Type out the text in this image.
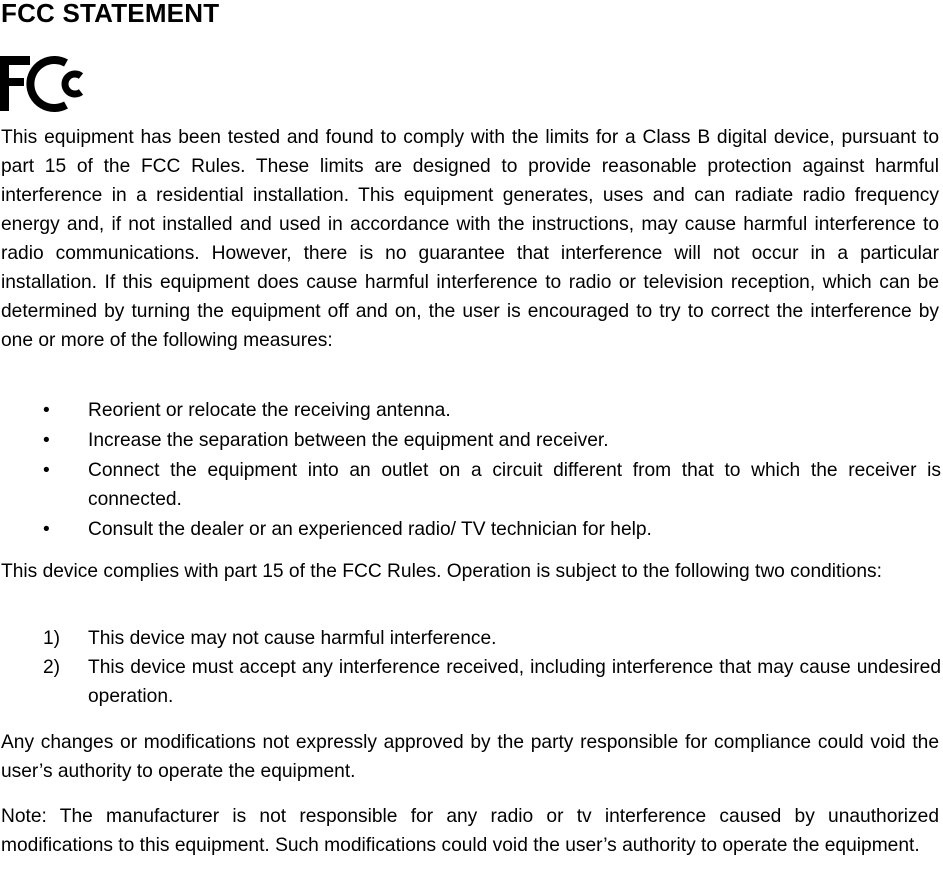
FCC STATEMENT
This equipment has been tested and found to comply with the limits for a Class B digital device, pursuant to part 15 of the FCC Rules. These limits are designed to provide reasonable protection against harmful interference in a residential installation. This equipment generates, uses and can radiate radio frequency energy and, if not installed and used in accordance with the instructions, may cause harmful interference to radio communications. However, there is no guarantee that interference will not occur in a particular installation. If this equipment does cause harmful interference to radio or television reception, which can be determined by turning the equipment off and on, the user is encouraged to try to correct the interference by one or more of the following measures:
• Reorient or relocate the receiving antenna.
• Increase the separation between the equipment and receiver.
• Connect the equipment into an outlet on a circuit different from that to which the receiver is connected.
• Consult the dealer or an experienced radio/ TV technician for help.
This device complies with part 15 of the FCC Rules. Operation is subject to the following two conditions:
1) This device may not cause harmful interference.
2) This device must accept any interference received, including interference that may cause undesired operation.
Any changes or modifications not expressly approved by the party responsible for compliance could void the user’s authority to operate the equipment.
Note: The manufacturer is not responsible for any radio or tv interference caused by unauthorized modifications to this equipment. Such modifications could void the user’s authority to operate the equipment.
